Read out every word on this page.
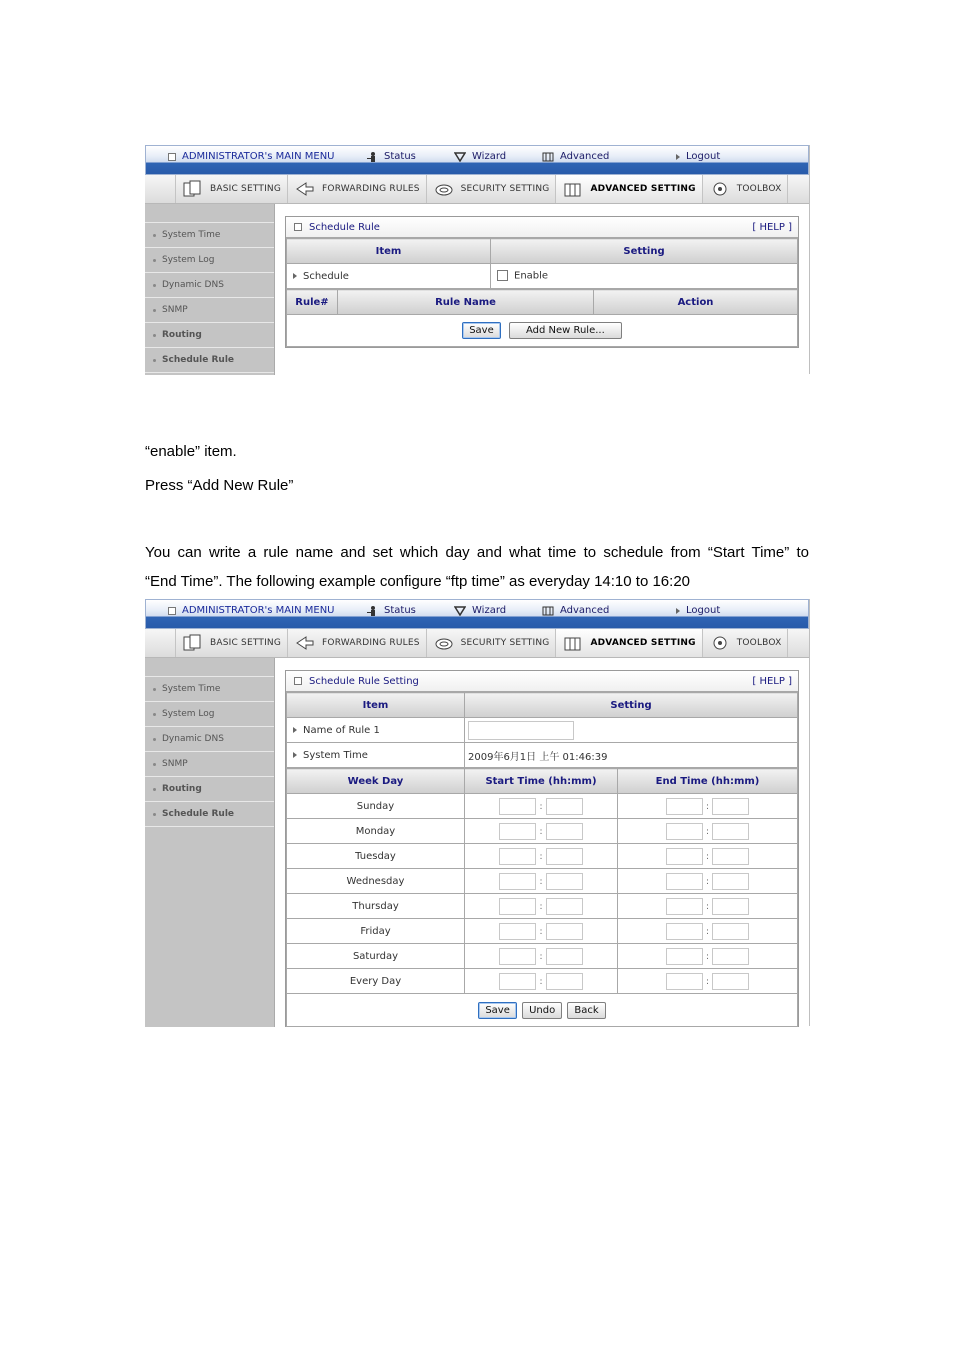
ADMINISTRATOR's MAIN MENU	Status	Wizard	Advanced	Logout
BASIC SETTING	FORWARDING RULES	SECURITY SETTING	ADVANCED SETTING	TOOLBOX
System Time
System Log
Dynamic DNS
SNMP
Routing
Schedule Rule
Schedule Rule	[ HELP ]
Item	Setting
Schedule	Enable
Rule#	Rule Name	Action
Save	Add New Rule...
“enable” item.
Press “Add New Rule”
You can write a rule name and set which day and what time to schedule from “Start Time” to
“End Time”. The following example configure “ftp time” as everyday 14:10 to 16:20
ADMINISTRATOR's MAIN MENU	Status	Wizard	Advanced	Logout
BASIC SETTING	FORWARDING RULES	SECURITY SETTING	ADVANCED SETTING	TOOLBOX
System Time
System Log
Dynamic DNS
SNMP
Routing
Schedule Rule
Schedule Rule Setting	[ HELP ]
Item	Setting
Name of Rule 1	
System Time	2009年6月1日 上午 01:46:39
Week Day	Start Time (hh:mm)	End Time (hh:mm)
Sunday	:	:
Monday	:	:
Tuesday	:	:
Wednesday	:	:
Thursday	:	:
Friday	:	:
Saturday	:	:
Every Day	:	:
Save Undo Back		
